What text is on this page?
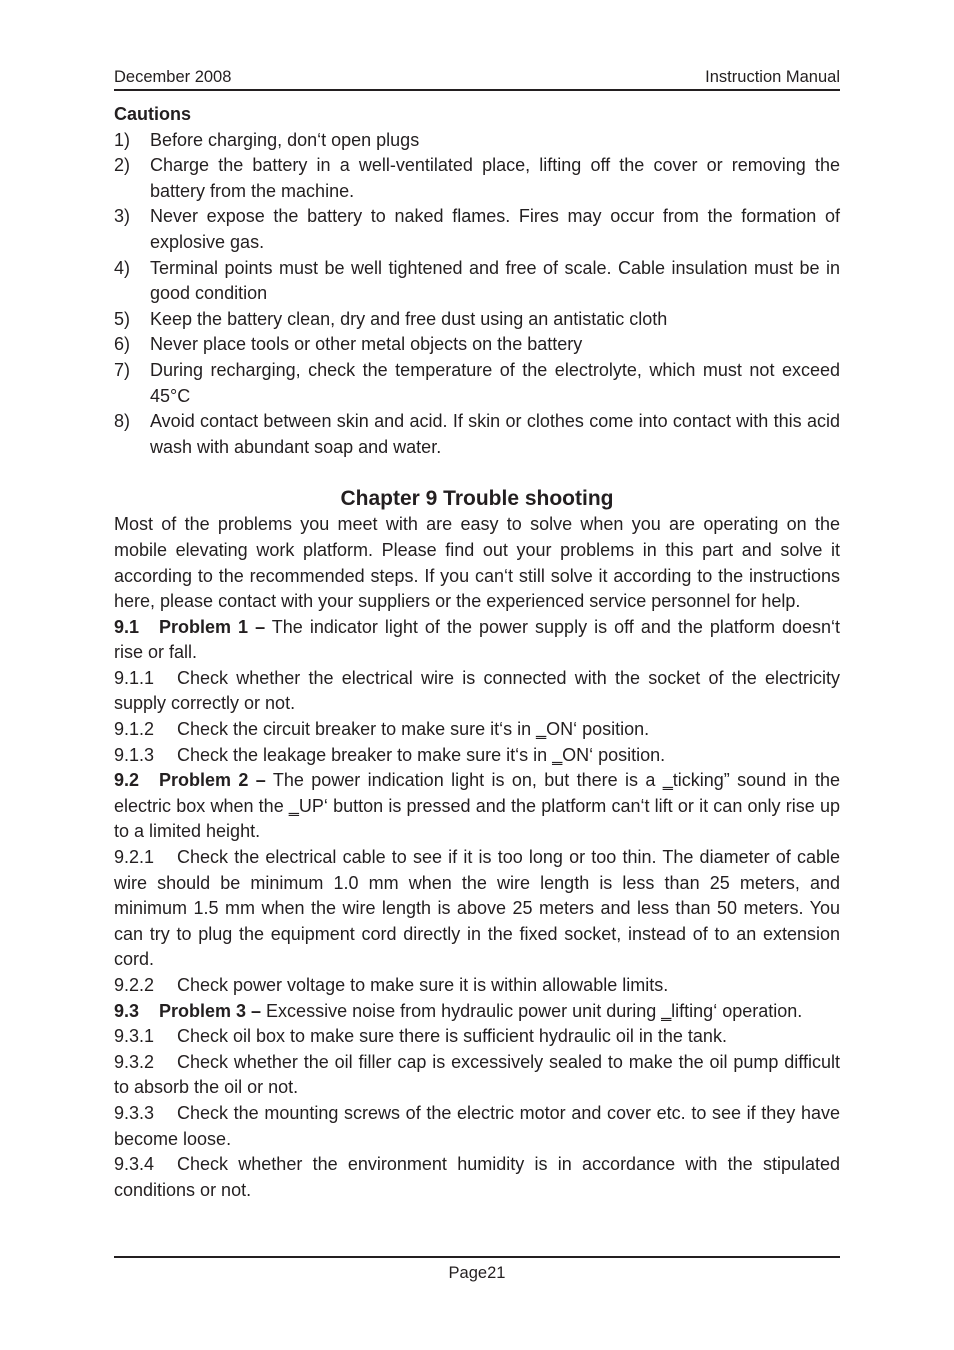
December 2008	Instruction Manual
Cautions
1)	Before charging, don‘t open plugs
2)	Charge the battery in a well-ventilated place, lifting off the cover or removing the battery from the machine.
3)	Never expose the battery to naked flames. Fires may occur from the formation of explosive gas.
4)	Terminal points must be well tightened and free of scale. Cable insulation must be in good condition
5)	Keep the battery clean, dry and free dust using an antistatic cloth
6)	Never place tools or other metal objects on the battery
7)	During recharging, check the temperature of the electrolyte, which must not exceed 45°C
8)	Avoid contact between skin and acid. If skin or clothes come into contact with this acid wash with abundant soap and water.
Chapter 9 Trouble shooting

Most of the problems you meet with are easy to solve when you are operating on the mobile elevating work platform. Please find out your problems in this part and solve it according to the recommended steps. If you can‘t still solve it according to the instructions here, please contact with your suppliers or the experienced service personnel for help.

9.1 Problem 1 – The indicator light of the power supply is off and the platform doesn‘t rise or fall.

9.1.1 Check whether the electrical wire is connected with the socket of the electricity supply correctly or not.

9.1.2 Check the circuit breaker to make sure it‘s in ‗ON‘ position.

9.1.3 Check the leakage breaker to make sure it‘s in ‗ON‘ position.

9.2 Problem 2 – The power indication light is on, but there is a ‗ticking” sound in the electric box when the ‗UP‘ button is pressed and the platform can‘t lift or it can only rise up to a limited height.

9.2.1 Check the electrical cable to see if it is too long or too thin. The diameter of cable wire should be minimum 1.0 mm when the wire length is less than 25 meters, and minimum 1.5 mm when the wire length is above 25 meters and less than 50 meters. You can try to plug the equipment cord directly in the fixed socket, instead of to an extension cord.

9.2.2 Check power voltage to make sure it is within allowable limits.

9.3 Problem 3 – Excessive noise from hydraulic power unit during ‗lifting‘ operation.

9.3.1 Check oil box to make sure there is sufficient hydraulic oil in the tank.

9.3.2 Check whether the oil filler cap is excessively sealed to make the oil pump difficult to absorb the oil or not.

9.3.3 Check the mounting screws of the electric motor and cover etc. to see if they have become loose.

9.3.4 Check whether the environment humidity is in accordance with the stipulated conditions or not.

Page21
